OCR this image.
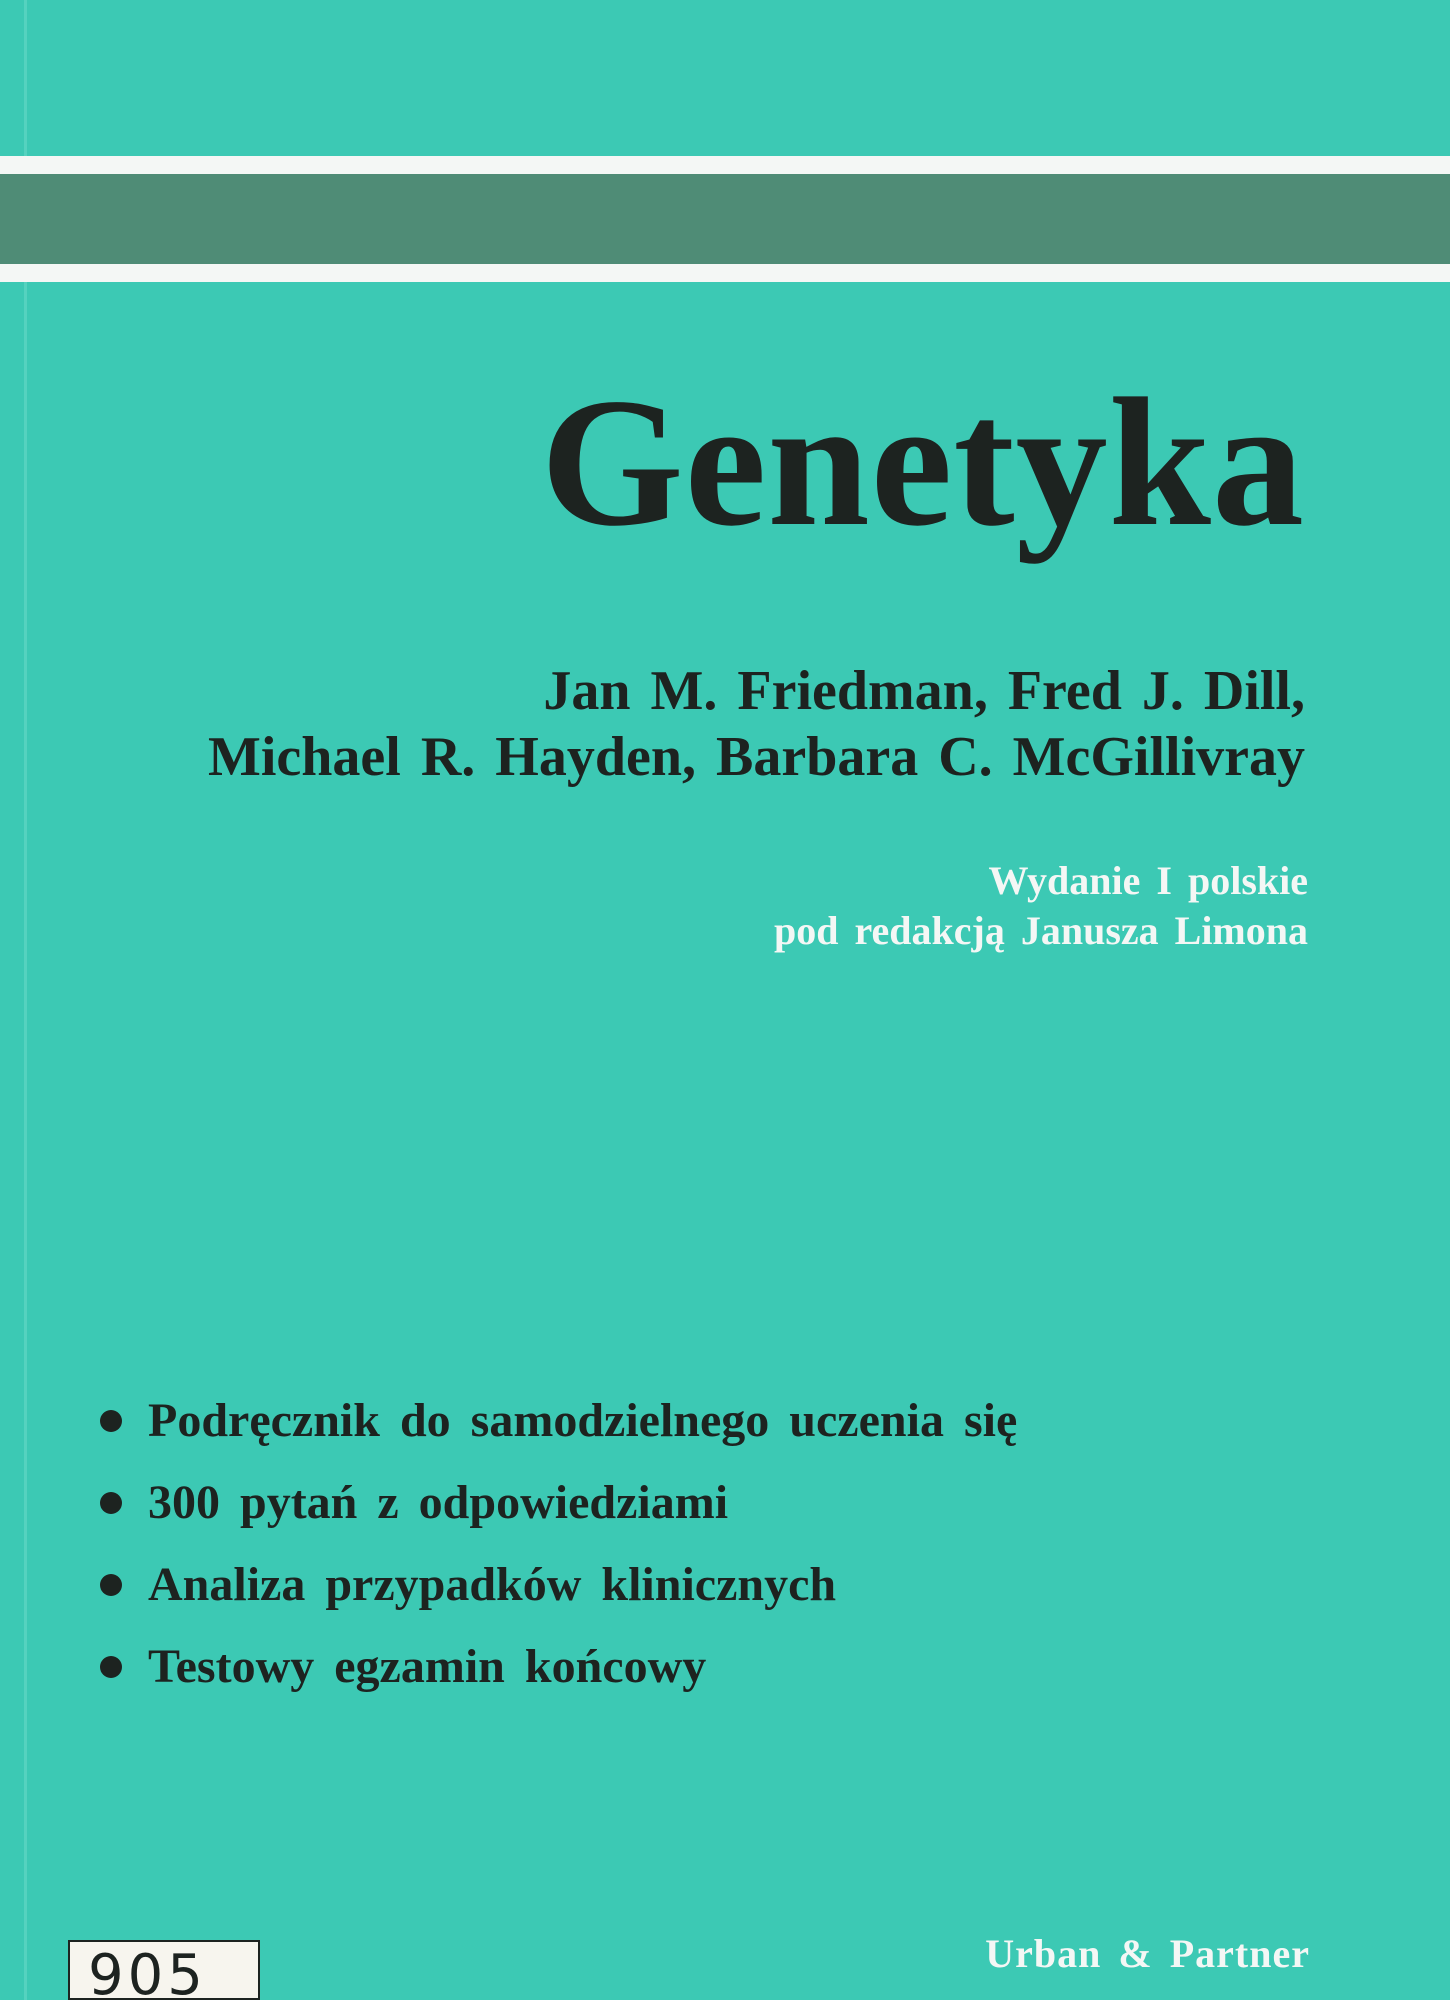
Genetyka
Jan M. Friedman, Fred J. Dill,
Michael R. Hayden, Barbara C. McGillivray
Wydanie I polskie
pod redakcją Janusza Limona
Podręcznik do samodzielnego uczenia się
300 pytań z odpowiedziami
Analiza przypadków klinicznych
Testowy egzamin końcowy
905	Urban & Partner
